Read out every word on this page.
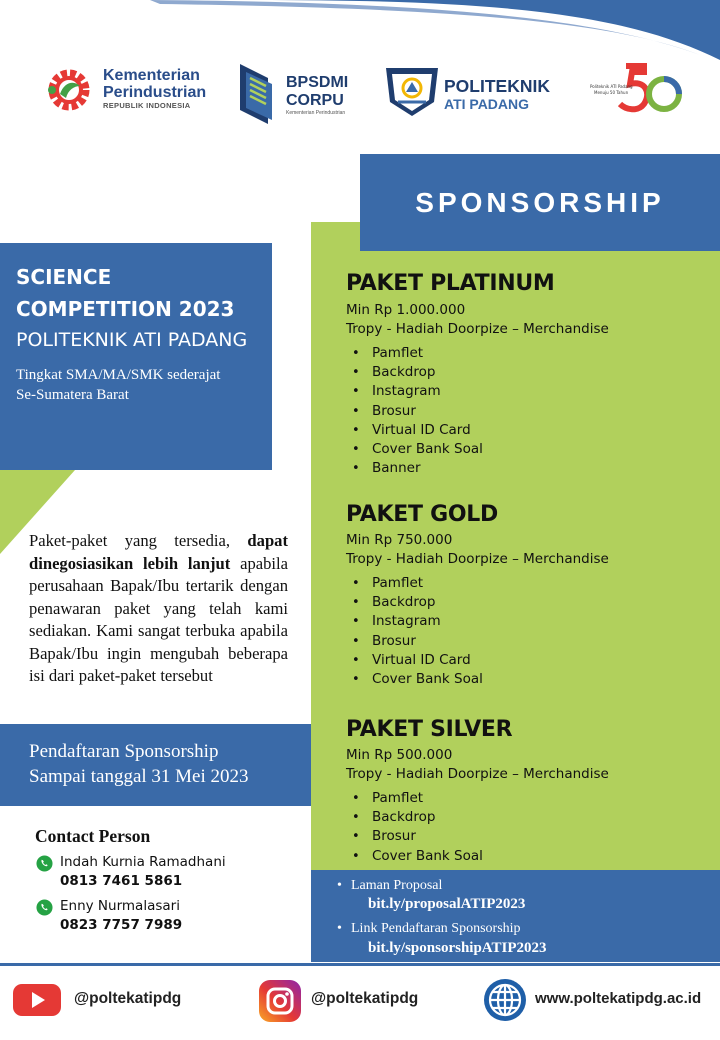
Kementerian
Perindustrian
REPUBLIK INDONESIA
BPSDMI
CORPU
Kementerian Perindustrian
POLITEKNIK
ATI PADANG
Politeknik ATI Padang
Menuju 50 Tahun
SPONSORSHIP
SCIENCE
COMPETITION 2023
POLITEKNIK ATI PADANG
Tingkat SMA/MA/SMK sederajat
Se-Sumatera Barat
Paket-paket yang tersedia, dapat dinegosiasikan lebih lanjut apabila perusahaan Bapak/Ibu tertarik dengan penawaran paket yang telah kami sediakan. Kami sangat terbuka apabila Bapak/Ibu ingin mengubah beberapa isi dari paket-paket tersebut
Pendaftaran Sponsorship
Sampai tanggal 31 Mei 2023
Contact Person
Indah Kurnia Ramadhani
0813 7461 5861
Enny Nurmalasari
0823 7757 7989
PAKET PLATINUM
Min Rp 1.000.000
Tropy - Hadiah Doorpize – Merchandise
• Pamflet
• Backdrop
• Instagram
• Brosur
• Virtual ID Card
• Cover Bank Soal
• Banner
PAKET GOLD
Min Rp 750.000
Tropy - Hadiah Doorpize – Merchandise
• Pamflet
• Backdrop
• Instagram
• Brosur
• Virtual ID Card
• Cover Bank Soal
PAKET SILVER
Min Rp 500.000
Tropy - Hadiah Doorpize – Merchandise
• Pamflet
• Backdrop
• Brosur
• Cover Bank Soal
• Laman Proposal
bit.ly/proposalATIP2023
• Link Pendaftaran Sponsorship
bit.ly/sponsorshipATIP2023
@poltekatipdg	@poltekatipdg	www.poltekatipdg.ac.id
